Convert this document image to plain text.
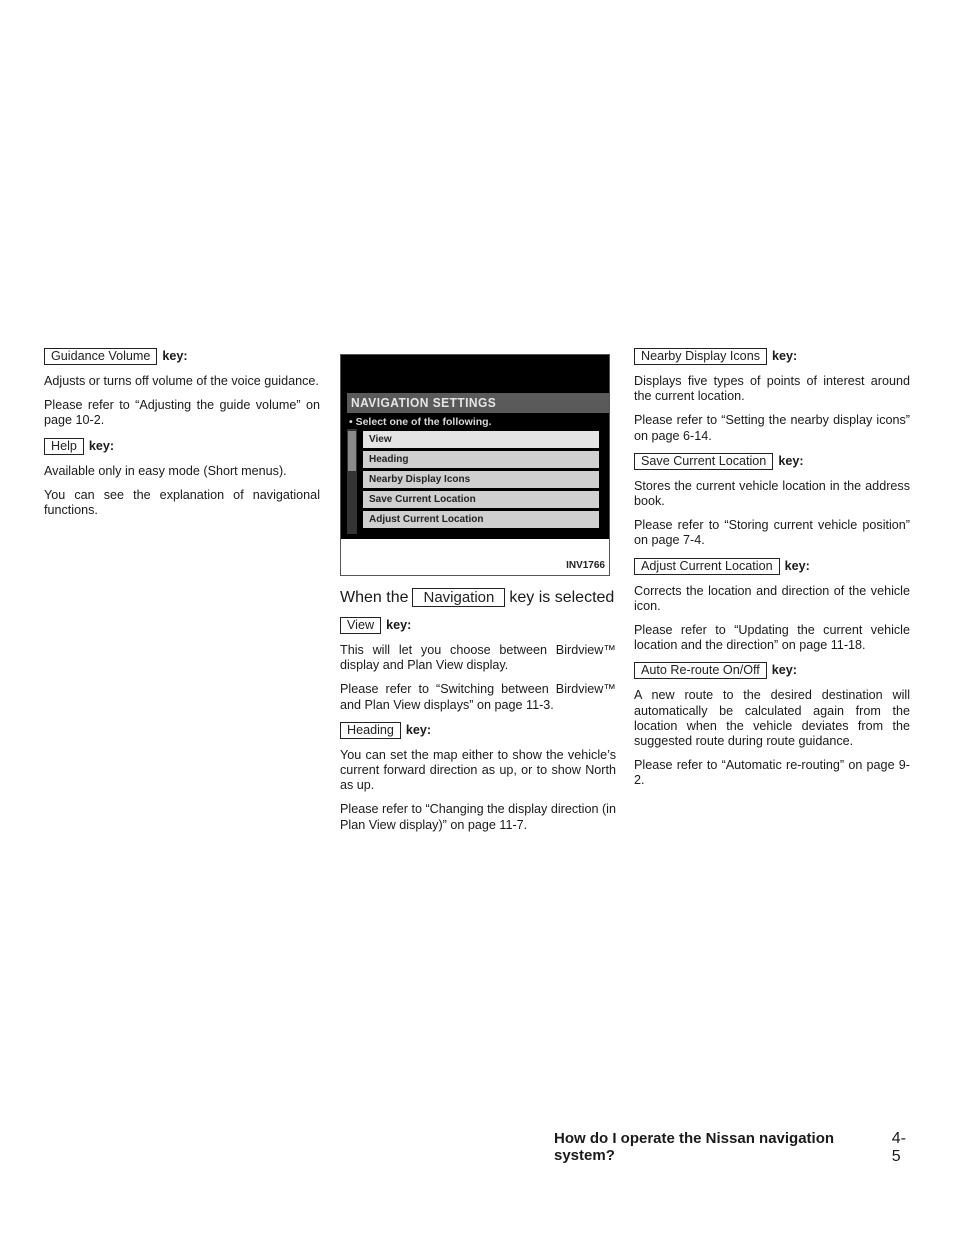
Guidance Volume key:

Adjusts or turns off volume of the voice guidance.

Please refer to “Adjusting the guide volume” on page 10-2.

Help key:

Available only in easy mode (Short menus).

You can see the explanation of navigational functions.

NAVIGATION SETTINGS
• Select one of the following.
View
Heading
Nearby Display Icons
Save Current Location
Adjust Current Location
INV1766
When the	Navigation key is selected
View key:

This will let you choose between Birdview™ display and Plan View display.

Please refer to “Switching between Birdview™ and Plan View displays” on page 11-3.

Heading key:

You can set the map either to show the vehicle’s current forward direction as up, or to show North as up.

Please refer to “Changing the display direction (in Plan View display)” on page 11-7.

Nearby Display Icons key:

Displays five types of points of interest around the current location.

Please refer to “Setting the nearby display icons” on page 6-14.

Save Current Location key:

Stores the current vehicle location in the address book.

Please refer to “Storing current vehicle position” on page 7-4.

Adjust Current Location key:

Corrects the location and direction of the vehicle icon.

Please refer to “Updating the current vehicle location and the direction” on page 11-18.

Auto Re-route On/Off key:

A new route to the desired destination will automatically be calculated again from the location when the vehicle deviates from the suggested route during route guidance.

Please refer to “Automatic re-routing” on page 9-2.

How do I operate the Nissan navigation system?
4-5
